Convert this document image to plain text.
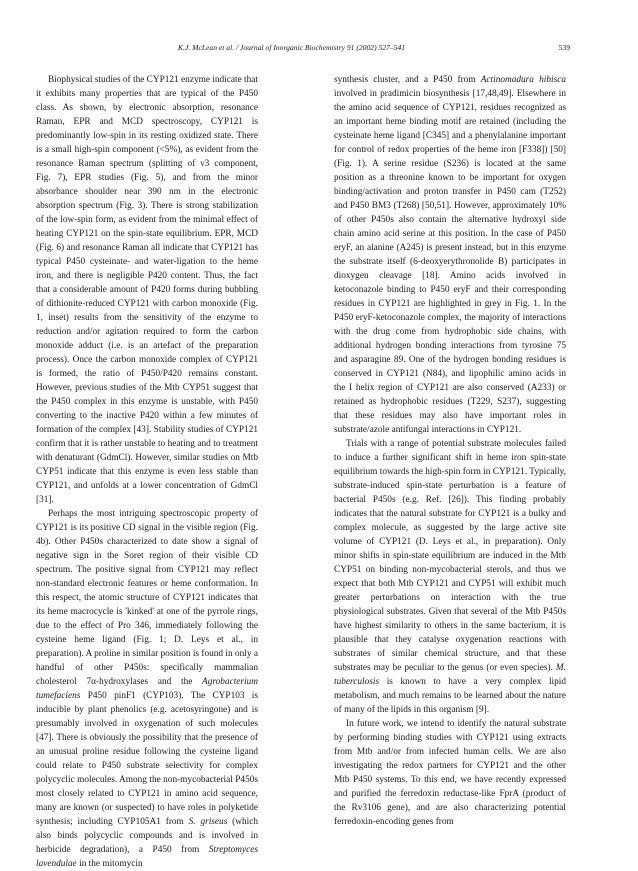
K.J. McLean et al. / Journal of Inorganic Biochemistry 91 (2002) 527–541	539

Biophysical studies of the CYP121 enzyme indicate that it exhibits many properties that are typical of the P450 class. As shown, by electronic absorption, resonance Raman, EPR and MCD spectroscopy, CYP121 is predominantly low-spin in its resting oxidized state. There is a small high-spin component (<5%), as evident from the resonance Raman spectrum (splitting of ν3 component, Fig. 7), EPR studies (Fig. 5), and from the minor absorbance shoulder near 390 nm in the electronic absorption spectrum (Fig. 3). There is strong stabilization of the low-spin form, as evident from the minimal effect of heating CYP121 on the spin-state equilibrium. EPR, MCD (Fig. 6) and resonance Raman all indicate that CYP121 has typical P450 cysteinate- and water-ligation to the heme iron, and there is negligible P420 content. Thus, the fact that a considerable amount of P420 forms during bubbling of dithionite-reduced CYP121 with carbon monoxide (Fig. 1, inset) results from the sensitivity of the enzyme to reduction and/or agitation required to form the carbon monoxide adduct (i.e. is an artefact of the preparation process). Once the carbon monoxide complex of CYP121 is formed, the ratio of P450/P420 remains constant. However, previous studies of the Mtb CYP51 suggest that the P450 complex in this enzyme is unstable, with P450 converting to the inactive P420 within a few minutes of formation of the complex [43]. Stability studies of CYP121 confirm that it is rather unstable to heating and to treatment with denaturant (GdmCl). However, similar studies on Mtb CYP51 indicate that this enzyme is even less stable than CYP121, and unfolds at a lower concentration of GdmCl [31].

Perhaps the most intriguing spectroscopic property of CYP121 is its positive CD signal in the visible region (Fig. 4b). Other P450s characterized to date show a signal of negative sign in the Soret region of their visible CD spectrum. The positive signal from CYP121 may reflect non-standard electronic features or heme conformation. In this respect, the atomic structure of CYP121 indicates that its heme macrocycle is 'kinked' at one of the pyrrole rings, due to the effect of Pro 346, immediately following the cysteine heme ligand (Fig. 1; D. Leys et al., in preparation). A proline in similar position is found in only a handful of other P450s: specifically mammalian cholesterol 7α-hydroxylases and the Agrobacterium tumefaciens P450 pinF1 (CYP103). The CYP103 is inducible by plant phenolics (e.g. acetosyringone) and is presumably involved in oxygenation of such molecules [47]. There is obviously the possibility that the presence of an unusual proline residue following the cysteine ligand could relate to P450 substrate selectivity for complex polycyclic molecules. Among the non-mycobacterial P450s most closely related to CYP121 in amino acid sequence, many are known (or suspected) to have roles in polyketide synthesis; including CYP105A1 from S. griseus (which also binds polycyclic compounds and is involved in herbicide degradation), a P450 from Streptomyces lavendulae in the mitomycin

synthesis cluster, and a P450 from Actinomadura hibisca involved in pradimicin biosynthesis [17,48,49]. Elsewhere in the amino acid sequence of CYP121, residues recognized as an important heme binding motif are retained (including the cysteinate heme ligand [C345] and a phenylalanine important for control of redox properties of the heme iron [F338]) [50] (Fig. 1). A serine residue (S236) is located at the same position as a threonine known to be important for oxygen binding/activation and proton transfer in P450 cam (T252) and P450 BM3 (T268) [50,51]. However, approximately 10% of other P450s also contain the alternative hydroxyl side chain amino acid serine at this position. In the case of P450 eryF, an alanine (A245) is present instead, but in this enzyme the substrate itself (6-deoxyerythronolide B) participates in dioxygen cleavage [18]. Amino acids involved in ketoconazole binding to P450 eryF and their corresponding residues in CYP121 are highlighted in grey in Fig. 1. In the P450 eryF-ketoconazole complex, the majority of interactions with the drug come from hydrophobic side chains, with additional hydrogen bonding interactions from tyrosine 75 and asparagine 89. One of the hydrogen bonding residues is conserved in CYP121 (N84), and lipophilic amino acids in the I helix region of CYP121 are also conserved (A233) or retained as hydrophobic residues (T229, S237), suggesting that these residues may also have important roles in substrate/azole antifungal interactions in CYP121.

Trials with a range of potential substrate molecules failed to induce a further significant shift in heme iron spin-state equilibrium towards the high-spin form in CYP121. Typically, substrate-induced spin-state perturbation is a feature of bacterial P450s (e.g. Ref. [26]). This finding probably indicates that the natural substrate for CYP121 is a bulky and complex molecule, as suggested by the large active site volume of CYP121 (D. Leys et al., in preparation). Only minor shifts in spin-state equilibrium are induced in the Mtb CYP51 on binding non-mycobacterial sterols, and thus we expect that both Mtb CYP121 and CYP51 will exhibit much greater perturbations on interaction with the true physiological substrates. Given that several of the Mtb P450s have highest similarity to others in the same bacterium, it is plausible that they catalyse oxygenation reactions with substrates of similar chemical structure, and that these substrates may be peculiar to the genus (or even species). M. tuberculosis is known to have a very complex lipid metabolism, and much remains to be learned about the nature of many of the lipids in this organism [9].

In future work, we intend to identify the natural substrate by performing binding studies with CYP121 using extracts from Mtb and/or from infected human cells. We are also investigating the redox partners for CYP121 and the other Mtb P450 systems. To this end, we have recently expressed and purified the ferredoxin reductase-like FprA (product of the Rv3106 gene), and are also characterizing potential ferredoxin-encoding genes from
